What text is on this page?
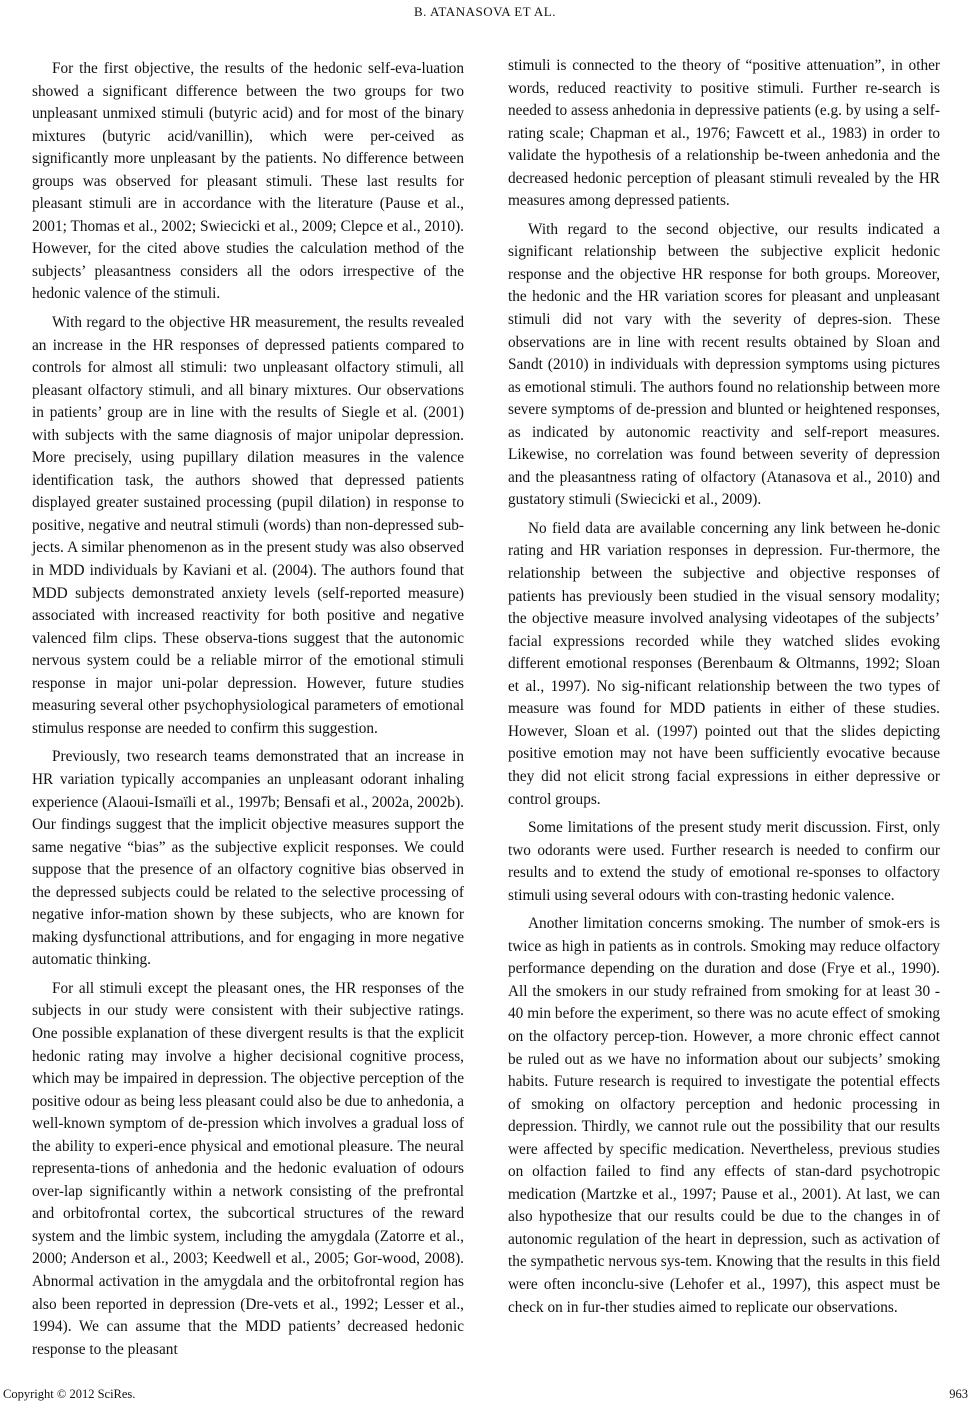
B. ATANASOVA ET AL.

For the first objective, the results of the hedonic self-eva-luation showed a significant difference between the two groups for two unpleasant unmixed stimuli (butyric acid) and for most of the binary mixtures (butyric acid/vanillin), which were per-ceived as significantly more unpleasant by the patients. No difference between groups was observed for pleasant stimuli. These last results for pleasant stimuli are in accordance with the literature (Pause et al., 2001; Thomas et al., 2002; Swiecicki et al., 2009; Clepce et al., 2010). However, for the cited above studies the calculation method of the subjects’ pleasantness considers all the odors irrespective of the hedonic valence of the stimuli.

With regard to the objective HR measurement, the results revealed an increase in the HR responses of depressed patients compared to controls for almost all stimuli: two unpleasant olfactory stimuli, all pleasant olfactory stimuli, and all binary mixtures. Our observations in patients’ group are in line with the results of Siegle et al. (2001) with subjects with the same diagnosis of major unipolar depression. More precisely, using pupillary dilation measures in the valence identification task, the authors showed that depressed patients displayed greater sustained processing (pupil dilation) in response to positive, negative and neutral stimuli (words) than non-depressed sub-jects. A similar phenomenon as in the present study was also observed in MDD individuals by Kaviani et al. (2004). The authors found that MDD subjects demonstrated anxiety levels (self-reported measure) associated with increased reactivity for both positive and negative valenced film clips. These observa-tions suggest that the autonomic nervous system could be a reliable mirror of the emotional stimuli response in major uni-polar depression. However, future studies measuring several other psychophysiological parameters of emotional stimulus response are needed to confirm this suggestion.

Previously, two research teams demonstrated that an increase in HR variation typically accompanies an unpleasant odorant inhaling experience (Alaoui-Ismaïli et al., 1997b; Bensafi et al., 2002a, 2002b). Our findings suggest that the implicit objective measures support the same negative “bias” as the subjective explicit responses. We could suppose that the presence of an olfactory cognitive bias observed in the depressed subjects could be related to the selective processing of negative infor-mation shown by these subjects, who are known for making dysfunctional attributions, and for engaging in more negative automatic thinking.

For all stimuli except the pleasant ones, the HR responses of the subjects in our study were consistent with their subjective ratings. One possible explanation of these divergent results is that the explicit hedonic rating may involve a higher decisional cognitive process, which may be impaired in depression. The objective perception of the positive odour as being less pleasant could also be due to anhedonia, a well-known symptom of de-pression which involves a gradual loss of the ability to experi-ence physical and emotional pleasure. The neural representa-tions of anhedonia and the hedonic evaluation of odours over-lap significantly within a network consisting of the prefrontal and orbitofrontal cortex, the subcortical structures of the reward system and the limbic system, including the amygdala (Zatorre et al., 2000; Anderson et al., 2003; Keedwell et al., 2005; Gor-wood, 2008). Abnormal activation in the amygdala and the orbitofrontal region has also been reported in depression (Dre-vets et al., 1992; Lesser et al., 1994). We can assume that the MDD patients’ decreased hedonic response to the pleasant

stimuli is connected to the theory of “positive attenuation”, in other words, reduced reactivity to positive stimuli. Further re-search is needed to assess anhedonia in depressive patients (e.g. by using a self-rating scale; Chapman et al., 1976; Fawcett et al., 1983) in order to validate the hypothesis of a relationship be-tween anhedonia and the decreased hedonic perception of pleasant stimuli revealed by the HR measures among depressed patients.

With regard to the second objective, our results indicated a significant relationship between the subjective explicit hedonic response and the objective HR response for both groups. Moreover, the hedonic and the HR variation scores for pleasant and unpleasant stimuli did not vary with the severity of depres-sion. These observations are in line with recent results obtained by Sloan and Sandt (2010) in individuals with depression symptoms using pictures as emotional stimuli. The authors found no relationship between more severe symptoms of de-pression and blunted or heightened responses, as indicated by autonomic reactivity and self-report measures. Likewise, no correlation was found between severity of depression and the pleasantness rating of olfactory (Atanasova et al., 2010) and gustatory stimuli (Swiecicki et al., 2009).

No field data are available concerning any link between he-donic rating and HR variation responses in depression. Fur-thermore, the relationship between the subjective and objective responses of patients has previously been studied in the visual sensory modality; the objective measure involved analysing videotapes of the subjects’ facial expressions recorded while they watched slides evoking different emotional responses (Berenbaum & Oltmanns, 1992; Sloan et al., 1997). No sig-nificant relationship between the two types of measure was found for MDD patients in either of these studies. However, Sloan et al. (1997) pointed out that the slides depicting positive emotion may not have been sufficiently evocative because they did not elicit strong facial expressions in either depressive or control groups.

Some limitations of the present study merit discussion. First, only two odorants were used. Further research is needed to confirm our results and to extend the study of emotional re-sponses to olfactory stimuli using several odours with con-trasting hedonic valence.

Another limitation concerns smoking. The number of smok-ers is twice as high in patients as in controls. Smoking may reduce olfactory performance depending on the duration and dose (Frye et al., 1990). All the smokers in our study refrained from smoking for at least 30 - 40 min before the experiment, so there was no acute effect of smoking on the olfactory percep-tion. However, a more chronic effect cannot be ruled out as we have no information about our subjects’ smoking habits. Future research is required to investigate the potential effects of smoking on olfactory perception and hedonic processing in depression. Thirdly, we cannot rule out the possibility that our results were affected by specific medication. Nevertheless, previous studies on olfaction failed to find any effects of stan-dard psychotropic medication (Martzke et al., 1997; Pause et al., 2001). At last, we can also hypothesize that our results could be due to the changes in of autonomic regulation of the heart in depression, such as activation of the sympathetic nervous sys-tem. Knowing that the results in this field were often inconclu-sive (Lehofer et al., 1997), this aspect must be check on in fur-ther studies aimed to replicate our observations.

Copyright © 2012 SciRes.	963
